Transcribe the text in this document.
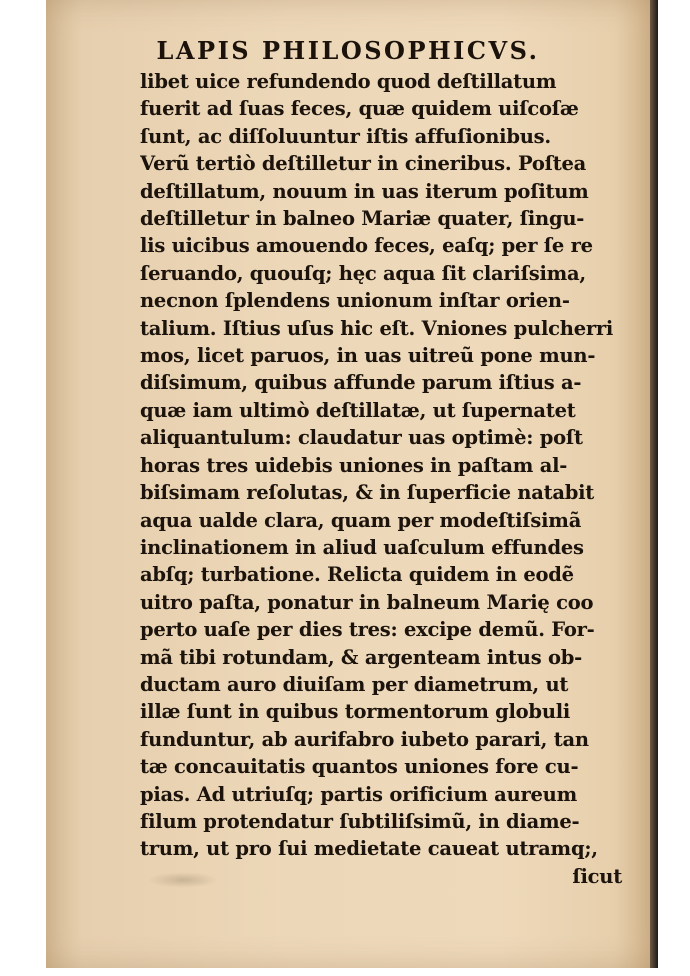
LAPIS PHILOSOPHICVS.
libet uice refundendo quod deſtillatum
fuerit ad ſuas feces, quæ quidem uiſcoſæ
ſunt, ac diſſoluuntur iſtis affuſionibus.
Verũ tertiò deſtilletur in cineribus. Poſtea
deſtillatum, nouum in uas iterum poſitum
deſtilletur in balneo Mariæ quater, ſingu-
lis uicibus amouendo feces, eaſq; per ſe re
ſeruando, quouſq; hęc aqua ſit clariſsima,
necnon ſplendens unionum inſtar orien-
talium. Iſtius uſus hic eſt. Vniones pulcherri
mos, licet paruos, in uas uitreũ pone mun-
diſsimum, quibus affunde parum iſtius a-
quæ iam ultimò deſtillatæ, ut ſupernatet
aliquantulum: claudatur uas optimè: poſt
horas tres uidebis uniones in paſtam al-
biſsimam reſolutas, & in ſuperficie natabit
aqua ualde clara, quam per modeſtiſsimã
inclinationem in aliud uaſculum effundes
abſq; turbatione. Relicta quidem in eodẽ
uitro paſta, ponatur in balneum Marię coo
perto uaſe per dies tres: excipe demũ. For-
mã tibi rotundam, & argenteam intus ob-
ductam auro diuiſam per diametrum, ut
illæ ſunt in quibus tormentorum globuli
funduntur, ab aurifabro iubeto parari, tan
tæ concauitatis quantos uniones fore cu-
pias. Ad utriuſq; partis orificium aureum
filum protendatur ſubtiliſsimũ, in diame-
trum, ut pro ſui medietate caueat utramq;,
ſicut
